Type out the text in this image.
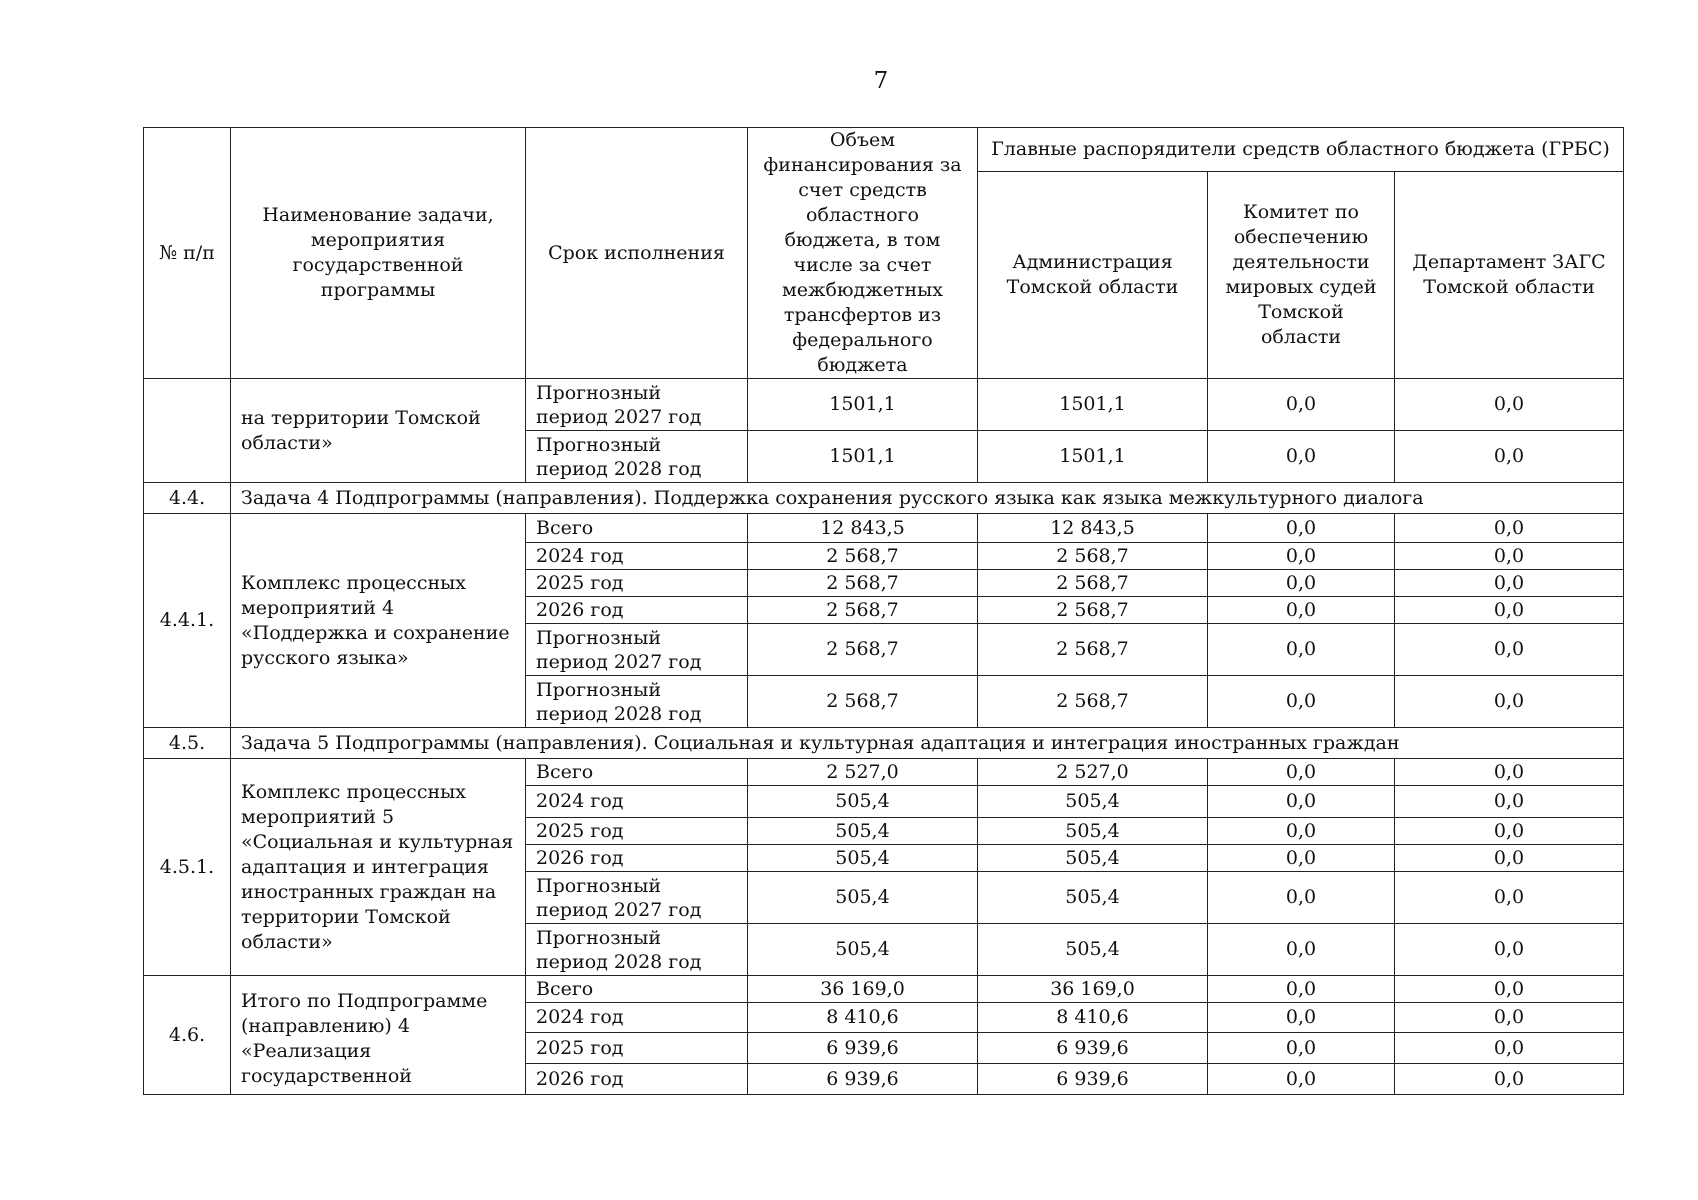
7
№ п/п	Наименование задачи, мероприятия государственной программы	Срок исполнения	Объем финансирования за счет средств областного бюджета, в том числе за счет межбюджетных трансфертов из федерального бюджета	Главные распорядители средств областного бюджета (ГРБС)		
				Администрация Томской области	Комитет по обеспечению деятельности мировых судей Томской области	Департамент ЗАГС Томской области
	на территории Томской области»	Прогнозный период 2027 год	1501,1	1501,1	0,0	0,0
		Прогнозный период 2028 год	1501,1	1501,1	0,0	0,0
4.4.	Задача 4 Подпрограммы (направления). Поддержка сохранения русского языка как языка межкультурного диалога					
4.4.1.	Комплекс процессных мероприятий 4 «Поддержка и сохранение русского языка»	Всего	12 843,5	12 843,5	0,0	0,0
		2024 год	2 568,7	2 568,7	0,0	0,0
		2025 год	2 568,7	2 568,7	0,0	0,0
		2026 год	2 568,7	2 568,7	0,0	0,0
		Прогнозный период 2027 год	2 568,7	2 568,7	0,0	0,0
		Прогнозный период 2028 год	2 568,7	2 568,7	0,0	0,0
4.5.	Задача 5 Подпрограммы (направления). Социальная и культурная адаптация и интеграция иностранных граждан					
4.5.1.	Комплекс процессных мероприятий 5 «Социальная и культурная адаптация и интеграция иностранных граждан на территории Томской области»	Всего	2 527,0	2 527,0	0,0	0,0
		2024 год	505,4	505,4	0,0	0,0
		2025 год	505,4	505,4	0,0	0,0
		2026 год	505,4	505,4	0,0	0,0
		Прогнозный период 2027 год	505,4	505,4	0,0	0,0
		Прогнозный период 2028 год	505,4	505,4	0,0	0,0
4.6.	Итого по Подпрограмме (направлению) 4 «Реализация государственной	Всего	36 169,0	36 169,0	0,0	0,0
		2024 год	8 410,6	8 410,6	0,0	0,0
		2025 год	6 939,6	6 939,6	0,0	0,0
		2026 год	6 939,6	6 939,6	0,0	0,0
